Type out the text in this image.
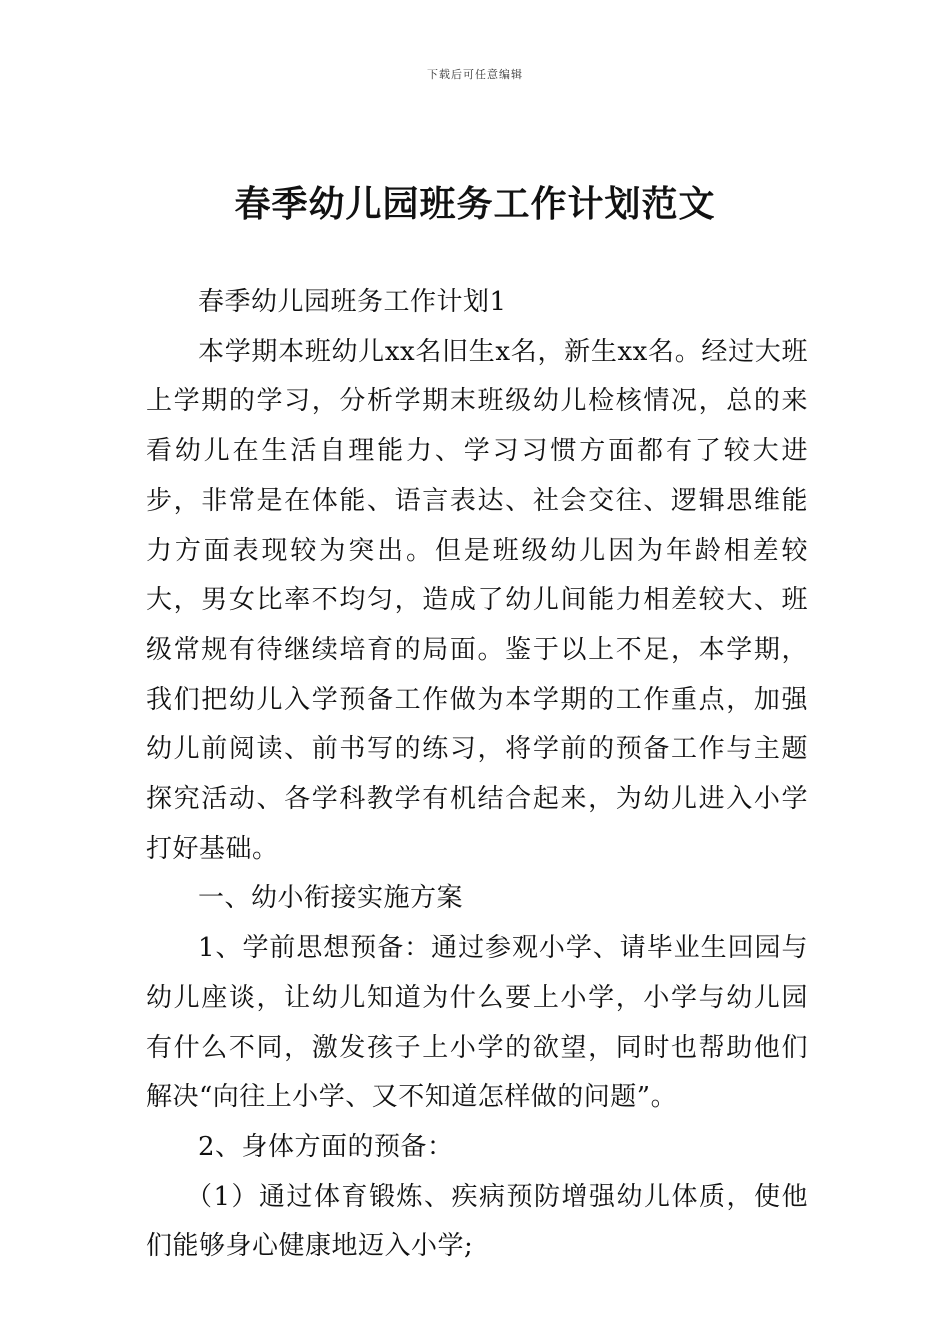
下载后可任意编辑
春季幼儿园班务工作计划范文

春季幼儿园班务工作计划1

本学期本班幼儿xx名旧生x名，新生xx名。经过大班上学期的学习，分析学期末班级幼儿检核情况，总的来看幼儿在生活自理能力、学习习惯方面都有了较大进步，非常是在体能、语言表达、社会交往、逻辑思维能力方面表现较为突出。但是班级幼儿因为年龄相差较大，男女比率不均匀，造成了幼儿间能力相差较大、班级常规有待继续培育的局面。鉴于以上不足，本学期，我们把幼儿入学预备工作做为本学期的工作重点，加强幼儿前阅读、前书写的练习，将学前的预备工作与主题探究活动、各学科教学有机结合起来，为幼儿进入小学打好基础。

一、幼小衔接实施方案

1、学前思想预备：通过参观小学、请毕业生回园与幼儿座谈，让幼儿知道为什么要上小学，小学与幼儿园有什么不同，激发孩子上小学的欲望，同时也帮助他们解决“向往上小学、又不知道怎样做的问题”。

2、身体方面的预备：

（1）通过体育锻炼、疾病预防增强幼儿体质，使他们能够身心健康地迈入小学;
